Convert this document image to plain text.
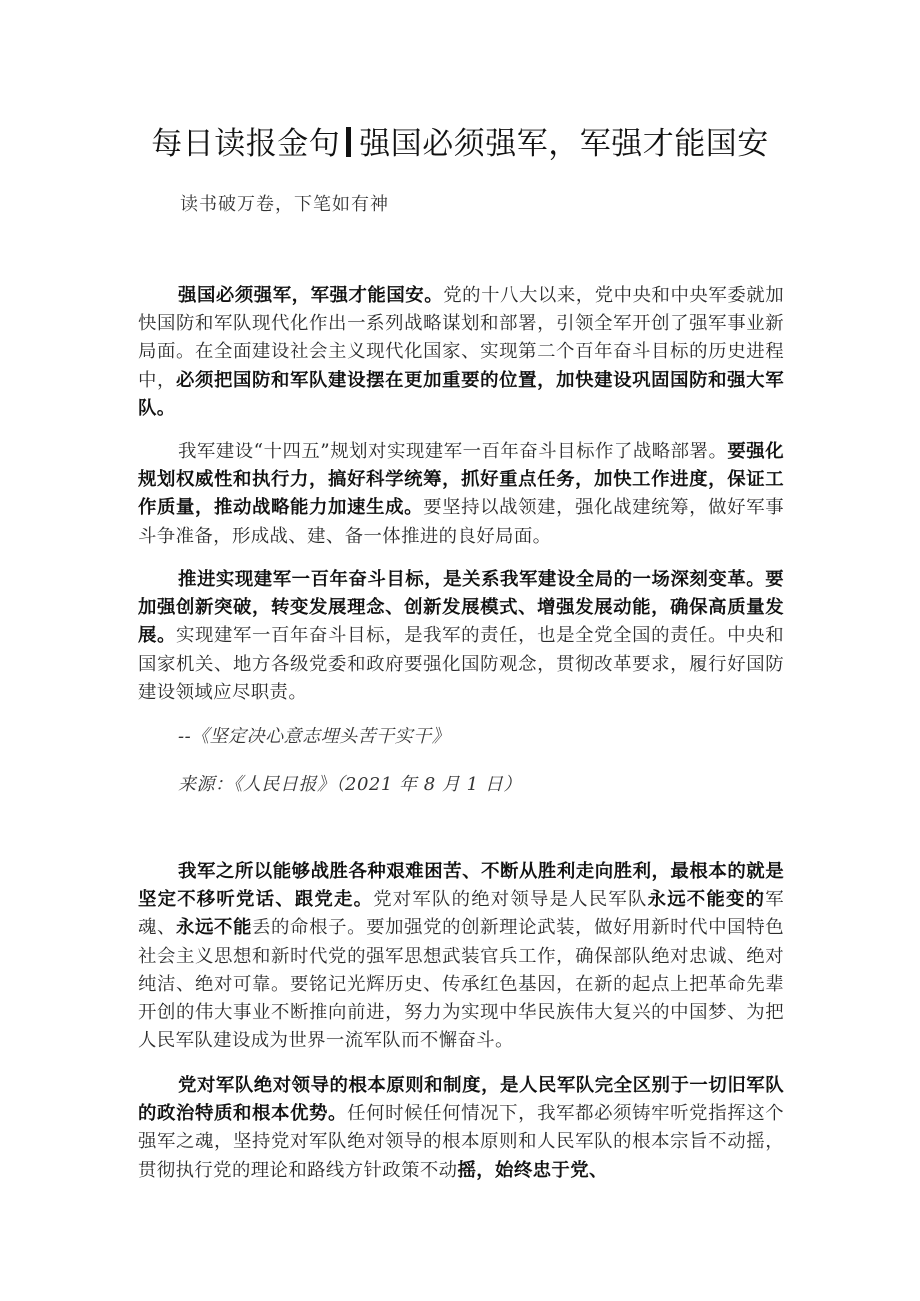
每日读报金句 强国必须强军，军强才能国安
读书破万卷，下笔如有神
强国必须强军，军强才能国安。党的十八大以来，党中央和中央军委就加快国防和军队现代化作出一系列战略谋划和部署，引领全军开创了强军事业新局面。在全面建设社会主义现代化国家、实现第二个百年奋斗目标的历史进程中，必须把国防和军队建设摆在更加重要的位置，加快建设巩固国防和强大军队。
我军建设“十四五”规划对实现建军一百年奋斗目标作了战略部署。要强化规划权威性和执行力，搞好科学统筹，抓好重点任务，加快工作进度，保证工作质量，推动战略能力加速生成。要坚持以战领建，强化战建统筹，做好军事斗争准备，形成战、建、备一体推进的良好局面。
推进实现建军一百年奋斗目标，是关系我军建设全局的一场深刻变革。要加强创新突破，转变发展理念、创新发展模式、增强发展动能，确保高质量发展。实现建军一百年奋斗目标，是我军的责任，也是全党全国的责任。中央和国家机关、地方各级党委和政府要强化国防观念，贯彻改革要求，履行好国防建设领域应尽职责。
--《坚定决心意志埋头苦干实干》
来源：《人民日报》（2021 年 8 月 1 日）
我军之所以能够战胜各种艰难困苦、不断从胜利走向胜利，最根本的就是坚定不移听党话、跟党走。党对军队的绝对领导是人民军队永远不能变的军魂、永远不能丢的命根子。要加强党的创新理论武装，做好用新时代中国特色社会主义思想和新时代党的强军思想武装官兵工作，确保部队绝对忠诚、绝对纯洁、绝对可靠。要铭记光辉历史、传承红色基因，在新的起点上把革命先辈开创的伟大事业不断推向前进，努力为实现中华民族伟大复兴的中国梦、为把人民军队建设成为世界一流军队而不懈奋斗。
党对军队绝对领导的根本原则和制度，是人民军队完全区别于一切旧军队的政治特质和根本优势。任何时候任何情况下，我军都必须铸牢听党指挥这个强军之魂，坚持党对军队绝对领导的根本原则和人民军队的根本宗旨不动摇，贯彻执行党的理论和路线方针政策不动摇，始终忠于党、
